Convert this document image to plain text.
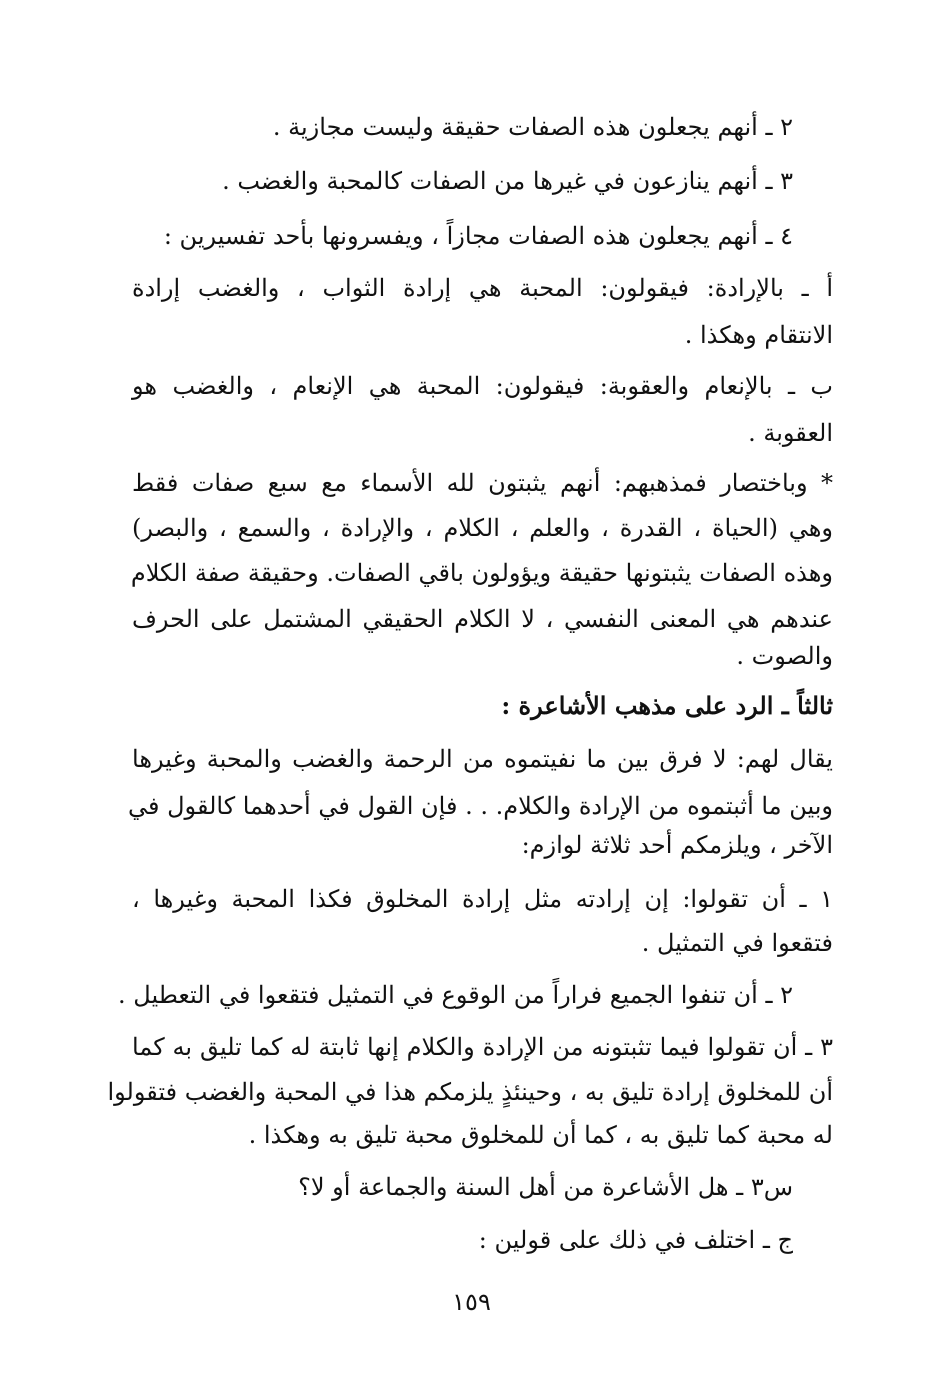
٢ ـ أنهم يجعلون هذه الصفات حقيقة وليست مجازية .
٣ ـ أنهم ينازعون في غيرها من الصفات كالمحبة والغضب .
٤ ـ أنهم يجعلون هذه الصفات مجازاً ، ويفسرونها بأحد تفسيرين :
أ ـ بالإرادة: فيقولون: المحبة هي إرادة الثواب ، والغضب إرادة
الانتقام وهكذا .
ب ـ بالإنعام والعقوبة: فيقولون: المحبة هي الإنعام ، والغضب هو
العقوبة .
* وباختصار فمذهبهم: أنهم يثبتون لله الأسماء مع سبع صفات فقط
وهي (الحياة ، القدرة ، والعلم ، الكلام ، والإرادة ، والسمع ، والبصر)
وهذه الصفات يثبتونها حقيقة ويؤولون باقي الصفات. وحقيقة صفة الكلام
عندهم هي المعنى النفسي ، لا الكلام الحقيقي المشتمل على الحرف
والصوت .
ثالثاً ـ الرد على مذهب الأشاعرة :
يقال لهم: لا فرق بين ما نفيتموه من الرحمة والغضب والمحبة وغيرها
وبين ما أثبتموه من الإرادة والكلام. . . فإن القول في أحدهما كالقول في
الآخر ، ويلزمكم أحد ثلاثة لوازم:
١ ـ أن تقولوا: إن إرادته مثل إرادة المخلوق فكذا المحبة وغيرها ،
فتقعوا في التمثيل .
٢ ـ أن تنفوا الجميع فراراً من الوقوع في التمثيل فتقعوا في التعطيل .
٣ ـ أن تقولوا فيما تثبتونه من الإرادة والكلام إنها ثابتة له كما تليق به كما
أن للمخلوق إرادة تليق به ، وحينئذٍ يلزمكم هذا في المحبة والغضب فتقولوا
له محبة كما تليق به ، كما أن للمخلوق محبة تليق به وهكذا .
س٣ ـ هل الأشاعرة من أهل السنة والجماعة أو لا؟
ج ـ اختلف في ذلك على قولين :
١٥٩
